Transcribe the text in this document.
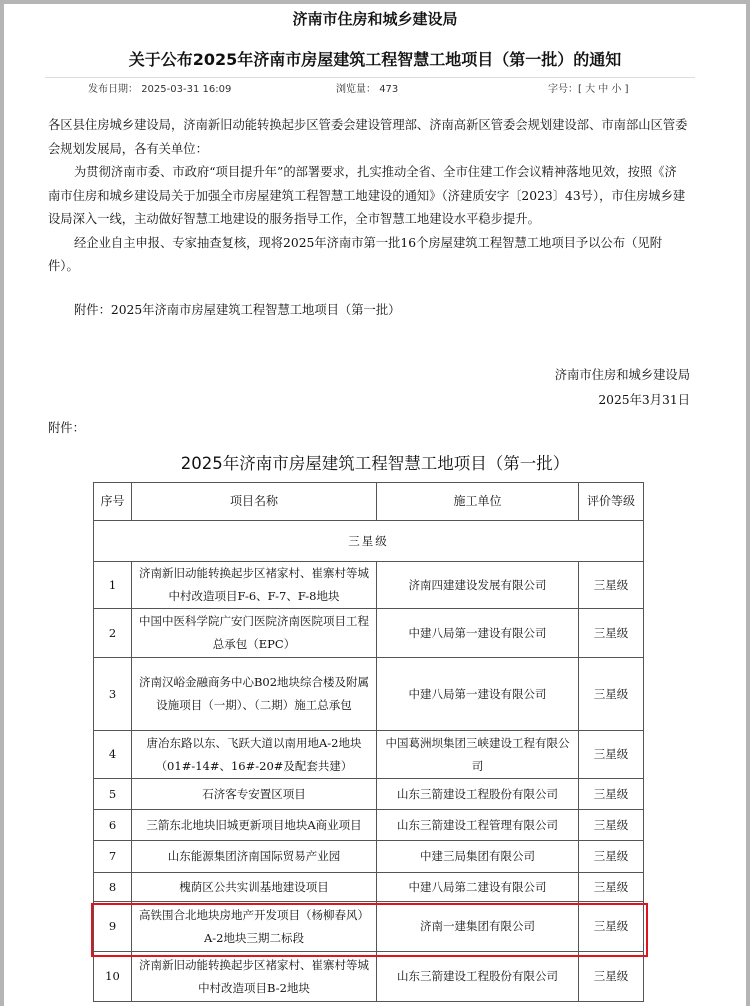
济南市住房和城乡建设局
关于公布2025年济南市房屋建筑工程智慧工地项目（第一批）的通知
发布日期： 2025-03-31 16:09	浏览量： 473	字号：[ 大 中 小 ]

各区县住房城乡建设局，济南新旧动能转换起步区管委会建设管理部、济南高新区管委会规划建设部、市南部山区管委会规划发展局，各有关单位：

为贯彻济南市委、市政府“项目提升年”的部署要求，扎实推动全省、全市住建工作会议精神落地见效，按照《济南市住房和城乡建设局关于加强全市房屋建筑工程智慧工地建设的通知》（济建质安字〔2023〕43号），市住房城乡建设局深入一线，主动做好智慧工地建设的服务指导工作，全市智慧工地建设水平稳步提升。

经企业自主申报、专家抽查复核，现将2025年济南市第一批16个房屋建筑工程智慧工地项目予以公布（见附件）。

附件：2025年济南市房屋建筑工程智慧工地项目（第一批）
济南市住房和城乡建设局
2025年3月31日
附件：
2025年济南市房屋建筑工程智慧工地项目（第一批）
序号	项目名称	施工单位	评价等级
三星级			
1	济南新旧动能转换起步区褚家村、崔寨村等城中村改造项目F-6、F-7、F-8地块	济南四建建设发展有限公司	三星级
2	中国中医科学院广安门医院济南医院项目工程总承包（EPC）	中建八局第一建设有限公司	三星级
3	济南汉峪金融商务中心B02地块综合楼及附属设施项目（一期）、（二期）施工总承包	中建八局第一建设有限公司	三星级
4	唐冶东路以东、飞跃大道以南用地A-2地块（01#-14#、16#-20#及配套共建）	中国葛洲坝集团三峡建设工程有限公司	三星级
5	石济客专安置区项目	山东三箭建设工程股份有限公司	三星级
6	三箭东北地块旧城更新项目地块A商业项目	山东三箭建设工程管理有限公司	三星级
7	山东能源集团济南国际贸易产业园	中建三局集团有限公司	三星级
8	槐荫区公共实训基地建设项目	中建八局第二建设有限公司	三星级
9	高铁围合北地块房地产开发项目（杨柳春风）A-2地块三期二标段	济南一建集团有限公司	三星级
10	济南新旧动能转换起步区褚家村、崔寨村等城中村改造项目B-2地块	山东三箭建设工程股份有限公司	三星级
